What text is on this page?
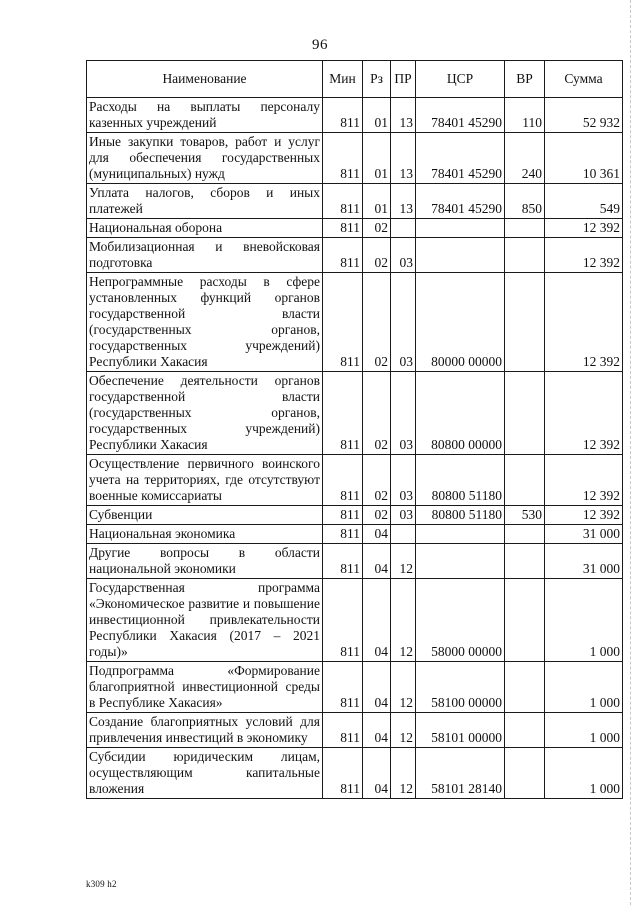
96
Наименование	Мин	Рз	ПР	ЦСР	ВР	Сумма
Расходы на выплаты персоналу казенных учреждений	811	01	13	78401 45290	110	52 932
Иные закупки товаров, работ и услуг для обеспечения государственных (муниципальных) нужд	811	01	13	78401 45290	240	10 361
Уплата налогов, сборов и иных платежей	811	01	13	78401 45290	850	549
Национальная оборона	811	02				12 392
Мобилизационная и вневойсковая подготовка	811	02	03			12 392
Непрограммные расходы в сфере установленных функций органов государственной власти (государственных органов, государственных учреждений) Республики Хакасия	811	02	03	80000 00000		12 392
Обеспечение деятельности органов государственной власти (государственных органов, государственных учреждений) Республики Хакасия	811	02	03	80800 00000		12 392
Осуществление первичного воинского учета на территориях, где отсутствуют военные комиссариаты	811	02	03	80800 51180		12 392
Субвенции	811	02	03	80800 51180	530	12 392
Национальная экономика	811	04				31 000
Другие вопросы в области национальной экономики	811	04	12			31 000
Государственная программа «Экономическое развитие и повышение инвестиционной привлекательности Республики Хакасия (2017 – 2021 годы)»	811	04	12	58000 00000		1 000
Подпрограмма «Формирование благоприятной инвестиционной среды в Республике Хакасия»	811	04	12	58100 00000		1 000
Создание благоприятных условий для привлечения инвестиций в экономику	811	04	12	58101 00000		1 000
Субсидии юридическим лицам, осуществляющим капитальные вложения	811	04	12	58101 28140		1 000
k309 h2
